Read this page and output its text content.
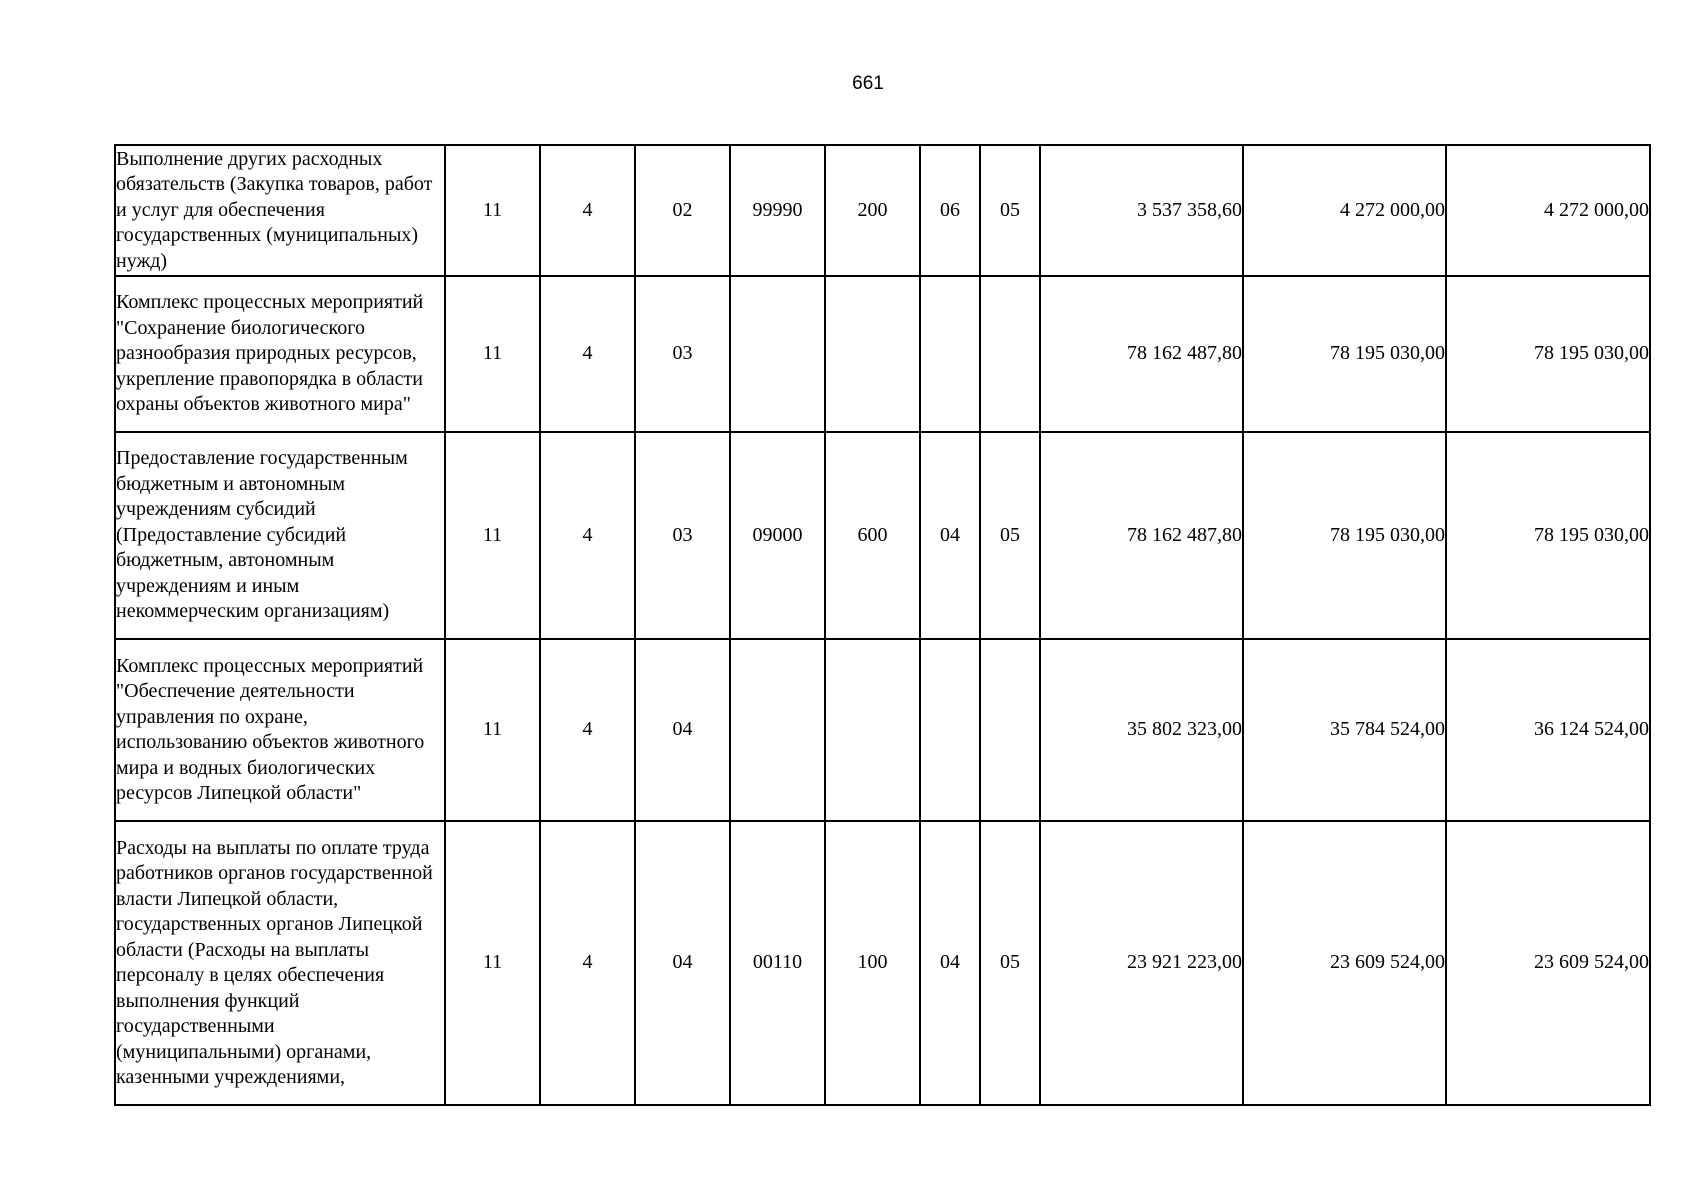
661
Выполнение других расходных обязательств (Закупка товаров, работ и услуг для обеспечения государственных (муниципальных) нужд)	11	4	02	99990	200	06	05	3 537 358,60	4 272 000,00	4 272 000,00
Комплекс процессных мероприятий "Сохранение биологического разнообразия природных ресурсов, укрепление правопорядка в области охраны объектов животного мира"	11	4	03					78 162 487,80	78 195 030,00	78 195 030,00
Предоставление государственным бюджетным и автономным учреждениям субсидий (Предоставление субсидий бюджетным, автономным учреждениям и иным некоммерческим организациям)	11	4	03	09000	600	04	05	78 162 487,80	78 195 030,00	78 195 030,00
Комплекс процессных мероприятий "Обеспечение деятельности управления по охране, использованию объектов животного мира и водных биологических ресурсов Липецкой области"	11	4	04					35 802 323,00	35 784 524,00	36 124 524,00
Расходы на выплаты по оплате труда работников органов государственной власти Липецкой области, государственных органов Липецкой области (Расходы на выплаты персоналу в целях обеспечения выполнения функций государственными (муниципальными) органами, казенными учреждениями,	11	4	04	00110	100	04	05	23 921 223,00	23 609 524,00	23 609 524,00
